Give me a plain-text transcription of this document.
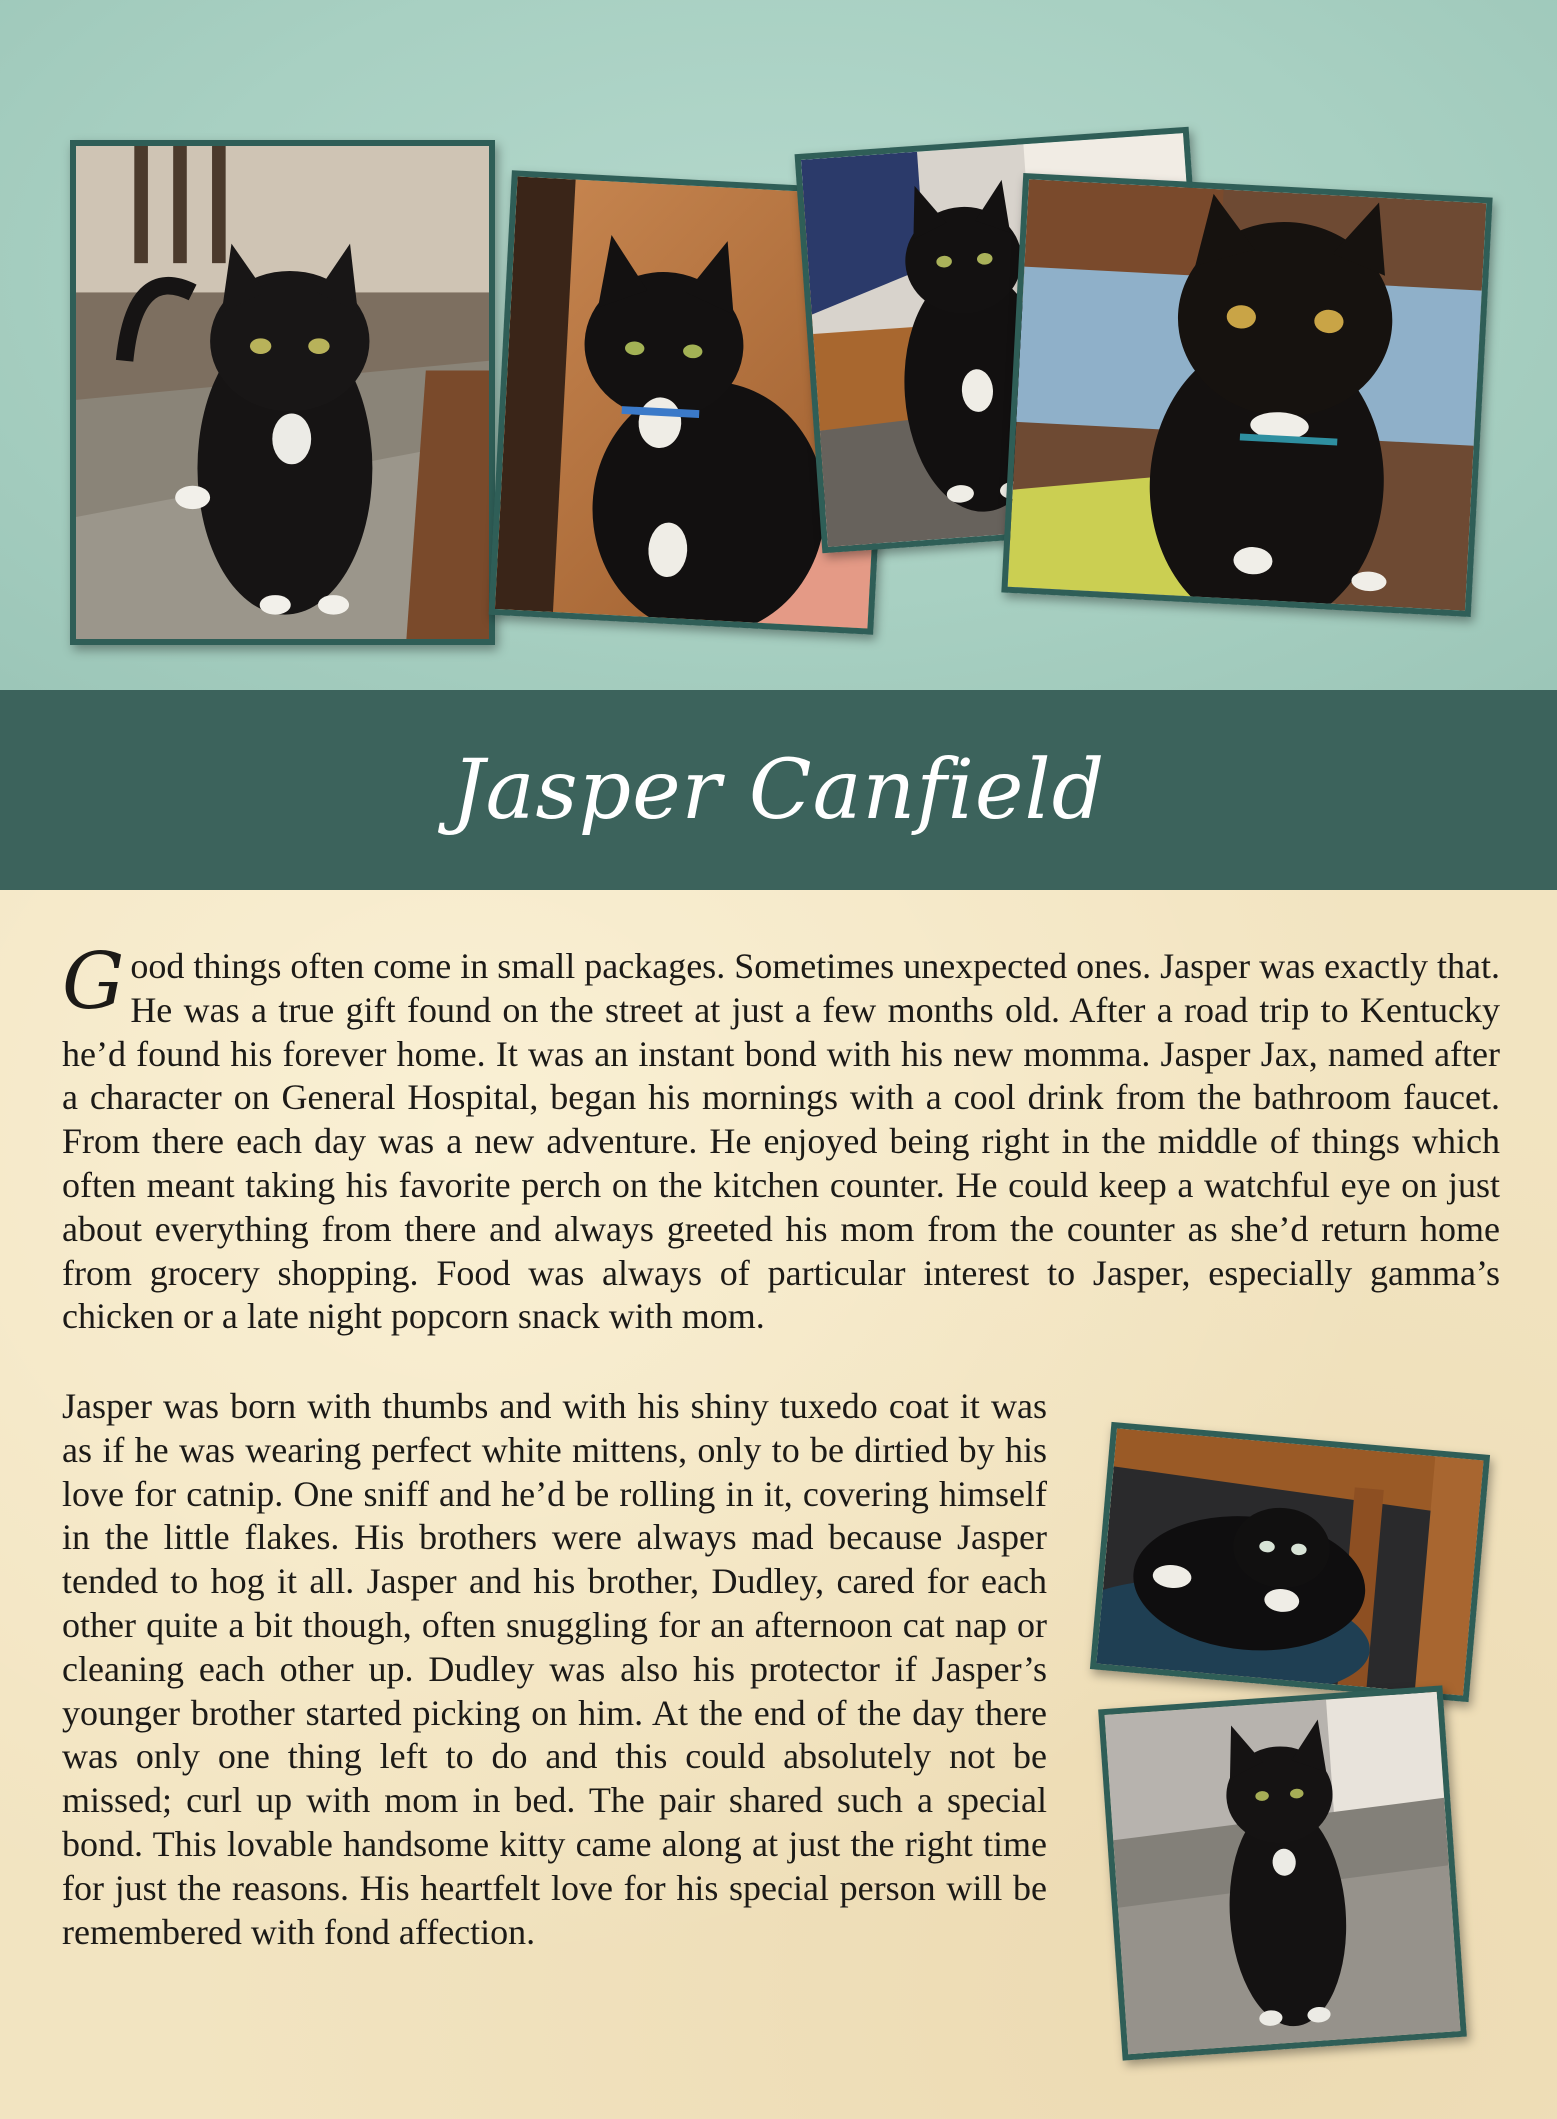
Jasper Canfield

Good things often come in small packages. Sometimes unexpected ones. Jasper was exactly that. He was a true gift found on the street at just a few months old. After a road trip to Kentucky he’d found his forever home. It was an instant bond with his new momma. Jasper Jax, named after a character on General Hospital, began his mornings with a cool drink from the bathroom faucet. From there each day was a new adventure. He enjoyed being right in the middle of things which often meant taking his favorite perch on the kitchen counter. He could keep a watchful eye on just about everything from there and always greeted his mom from the counter as she’d return home from grocery shopping. Food was always of particular interest to Jasper, especially gamma’s chicken or a late night popcorn snack with mom.

Jasper was born with thumbs and with his shiny tuxedo coat it was as if he was wearing perfect white mittens, only to be dirtied by his love for catnip. One sniff and he’d be rolling in it, covering himself in the little flakes. His brothers were always mad because Jasper tended to hog it all. Jasper and his brother, Dudley, cared for each other quite a bit though, often snuggling for an afternoon cat nap or cleaning each other up. Dudley was also his protector if Jasper’s younger brother started picking on him. At the end of the day there was only one thing left to do and this could absolutely not be missed; curl up with mom in bed. The pair shared such a special bond. This lovable handsome kitty came along at just the right time for just the reasons. His heartfelt love for his special person will be remembered with fond affection.
